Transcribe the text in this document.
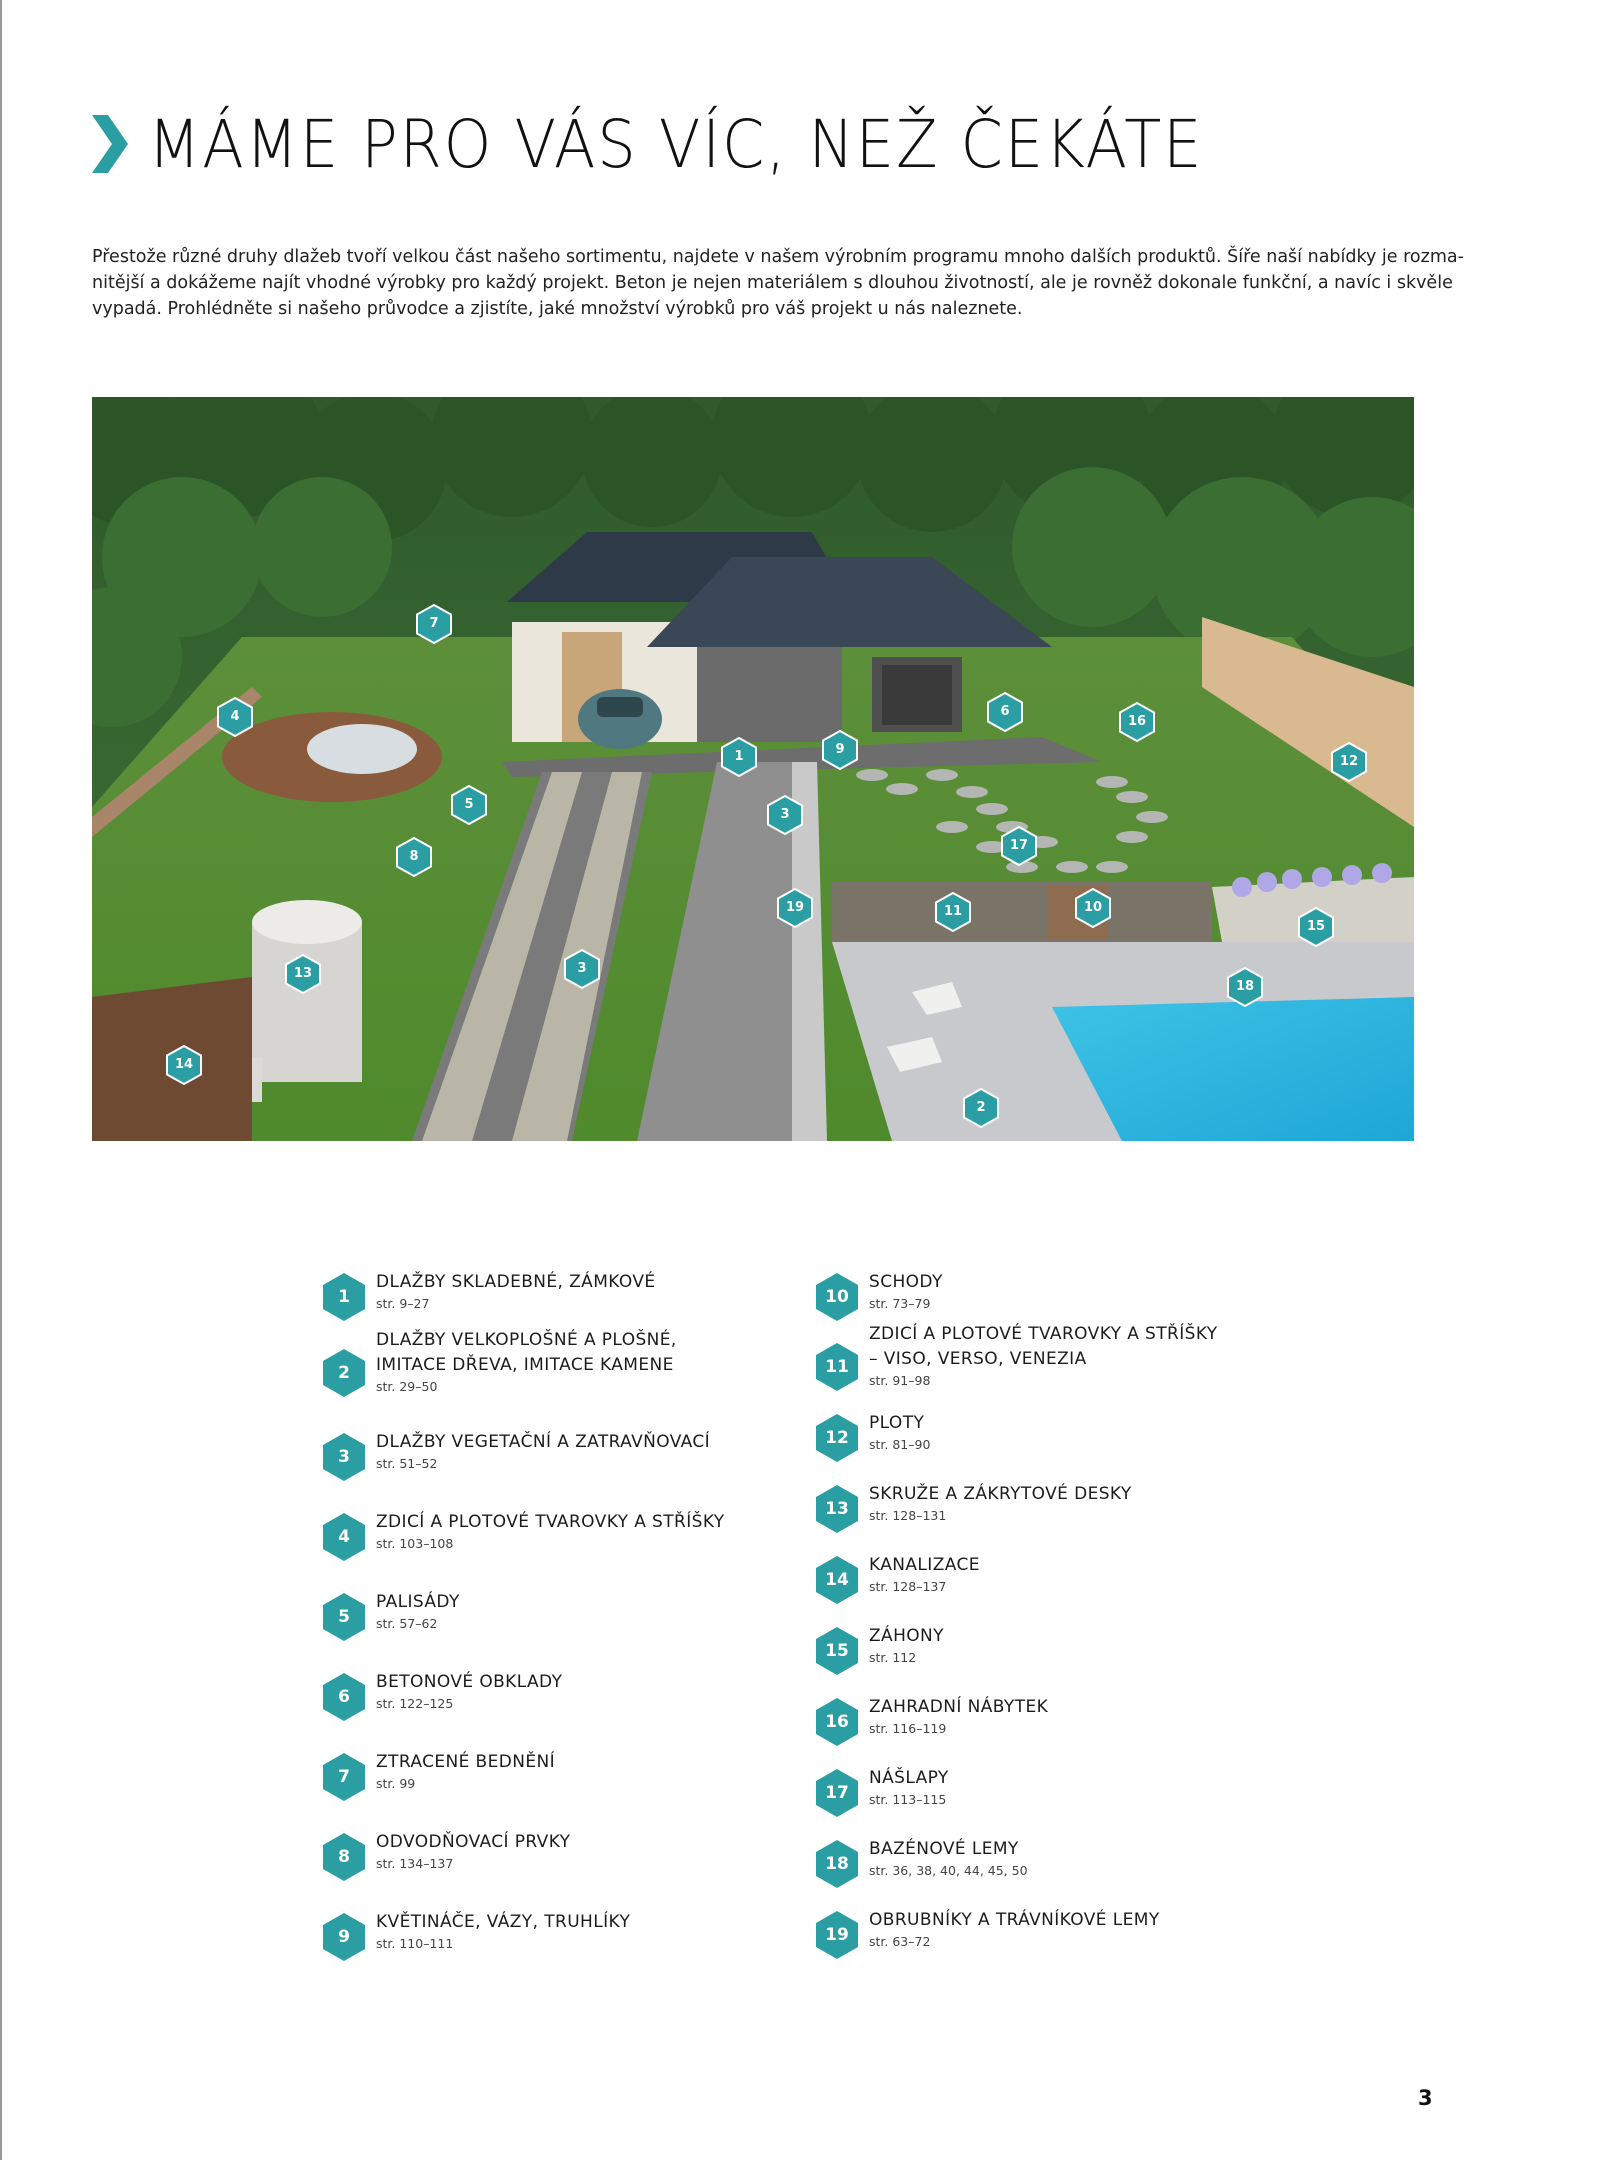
MÁME PRO VÁS VÍC, NEŽ ČEKÁTE
Přestože různé druhy dlažeb tvoří velkou část našeho sortimentu, najdete v našem výrobním programu mnoho dalších produktů. Šíře naší nabídky je rozma-
nitější a dokážeme najít vhodné výrobky pro každý projekt. Beton je nejen materiálem s dlouhou životností, ale je rovněž dokonale funkční, a navíc i skvěle
vypadá. Prohlédněte si našeho průvodce a zjistíte, jaké množství výrobků pro váš projekt u nás naleznete.
7
4	6
16
1	9
12
5
3
8
17
19	11	10
15
13	3
18
14
2
1
DLAŽBY SKLADEBNÉ, ZÁMKOVÉ
str. 9–27
2
DLAŽBY VELKOPLOŠNÉ A PLOŠNÉ,
IMITACE DŘEVA, IMITACE KAMENE
str. 29–50
3
DLAŽBY VEGETAČNÍ A ZATRAVŇOVACÍ
str. 51–52
4
ZDICÍ A PLOTOVÉ TVAROVKY A STŘÍŠKY
str. 103–108
5
PALISÁDY
str. 57–62
6
BETONOVÉ OBKLADY
str. 122–125
7
ZTRACENÉ BEDNĚNÍ
str. 99
8
ODVODŇOVACÍ PRVKY
str. 134–137
9
KVĚTINÁČE, VÁZY, TRUHLÍKY
str. 110–111
10
SCHODY
str. 73–79
11
ZDICÍ A PLOTOVÉ TVAROVKY A STŘÍŠKY
– VISO, VERSO, VENEZIA
str. 91–98
12
PLOTY
str. 81–90
13
SKRUŽE A ZÁKRYTOVÉ DESKY
str. 128–131
14
KANALIZACE
str. 128–137
15
ZÁHONY
str. 112
16
ZAHRADNÍ NÁBYTEK
str. 116–119
17
NÁŠLAPY
str. 113–115
18
BAZÉNOVÉ LEMY
str. 36, 38, 40, 44, 45, 50
19
OBRUBNÍKY A TRÁVNÍKOVÉ LEMY
str. 63–72
3
